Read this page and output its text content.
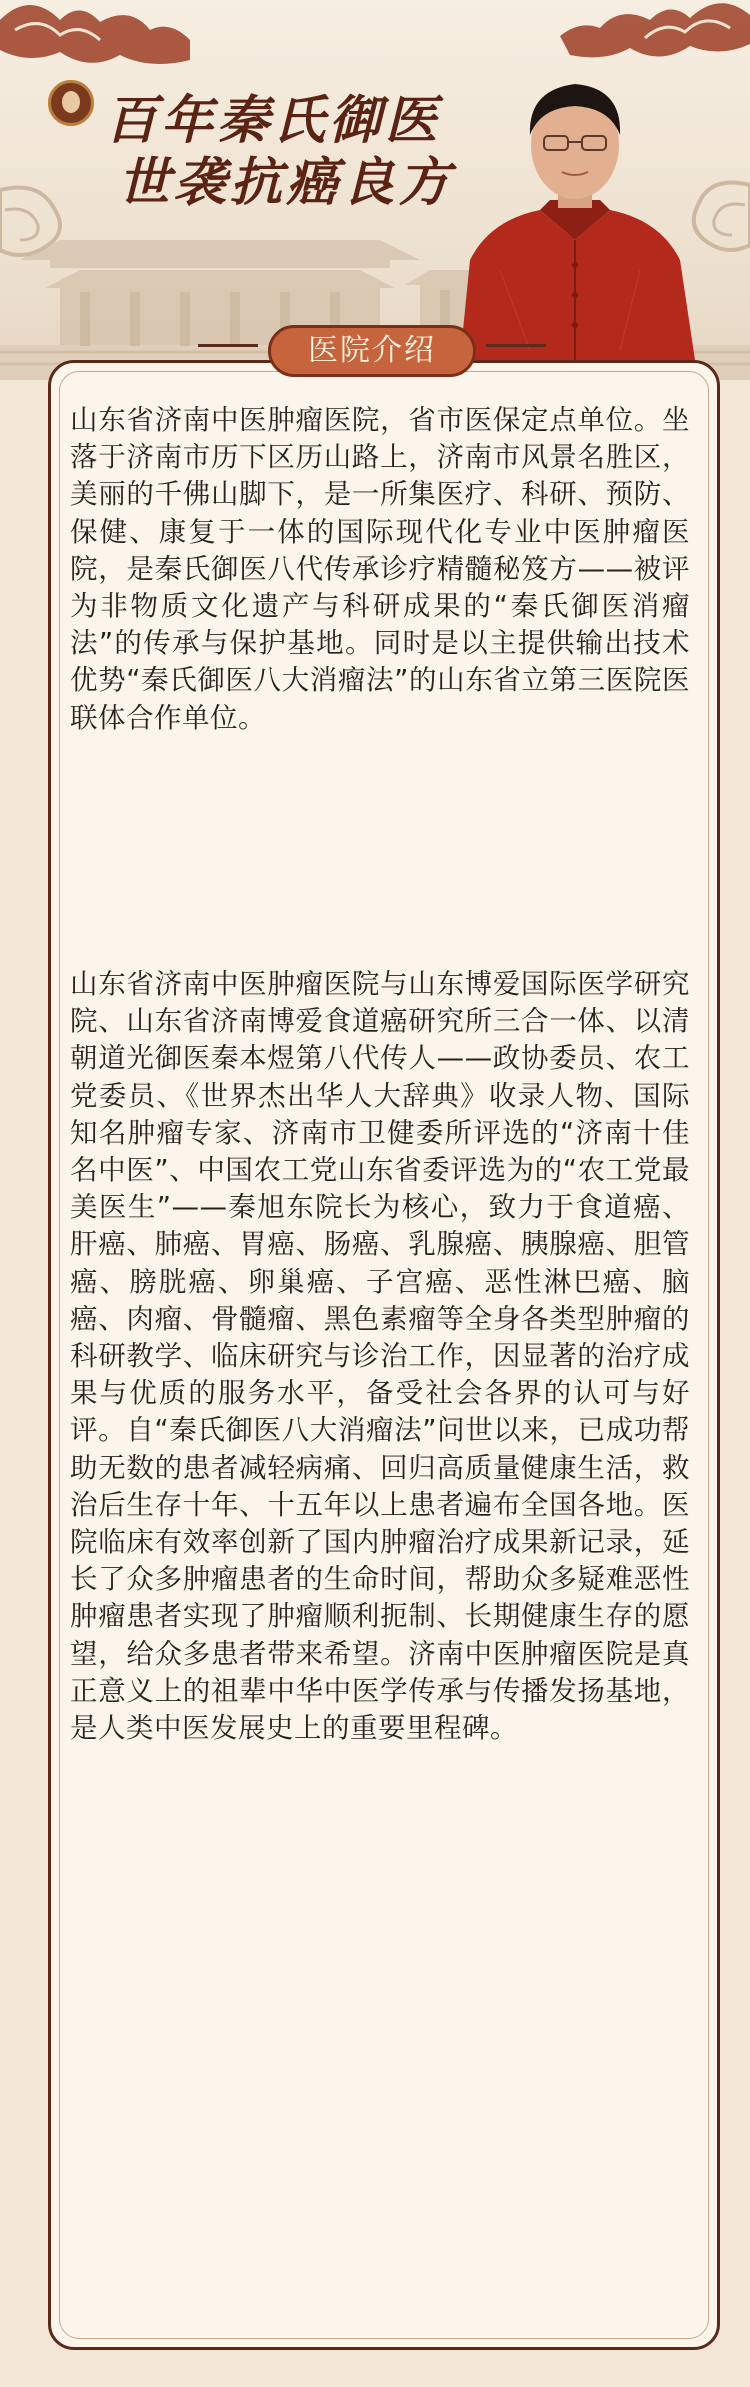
百年秦氏御医
世袭抗癌良方
医院介绍
山东省济南中医肿瘤医院，省市医保定点单位。坐落于济南市历下区历山路上，济南市风景名胜区，美丽的千佛山脚下，是一所集医疗、科研、预防、保健、康复于一体的国际现代化专业中医肿瘤医院，是秦氏御医八代传承诊疗精髓秘笈方——被评为非物质文化遗产与科研成果的“秦氏御医消瘤法”的传承与保护基地。同时是以主提供输出技术优势“秦氏御医八大消瘤法”的山东省立第三医院医联体合作单位。
山东省济南中医肿瘤医院与山东博爱国际医学研究院、山东省济南博爱食道癌研究所三合一体、以清朝道光御医秦本煜第八代传人——政协委员、农工党委员、《世界杰出华人大辞典》收录人物、国际知名肿瘤专家、济南市卫健委所评选的“济南十佳名中医”、中国农工党山东省委评选为的“农工党最美医生”——秦旭东院长为核心，致力于食道癌、肝癌、肺癌、胃癌、肠癌、乳腺癌、胰腺癌、胆管癌、膀胱癌、卵巢癌、子宫癌、恶性淋巴癌、脑癌、肉瘤、骨髓瘤、黑色素瘤等全身各类型肿瘤的科研教学、临床研究与诊治工作，因显著的治疗成果与优质的服务水平，备受社会各界的认可与好评。自“秦氏御医八大消瘤法”问世以来，已成功帮助无数的患者减轻病痛、回归高质量健康生活，救治后生存十年、十五年以上患者遍布全国各地。医院临床有效率创新了国内肿瘤治疗成果新记录，延长了众多肿瘤患者的生命时间，帮助众多疑难恶性肿瘤患者实现了肿瘤顺利扼制、长期健康生存的愿望，给众多患者带来希望。济南中医肿瘤医院是真正意义上的祖辈中华中医学传承与传播发扬基地，是人类中医发展史上的重要里程碑。
